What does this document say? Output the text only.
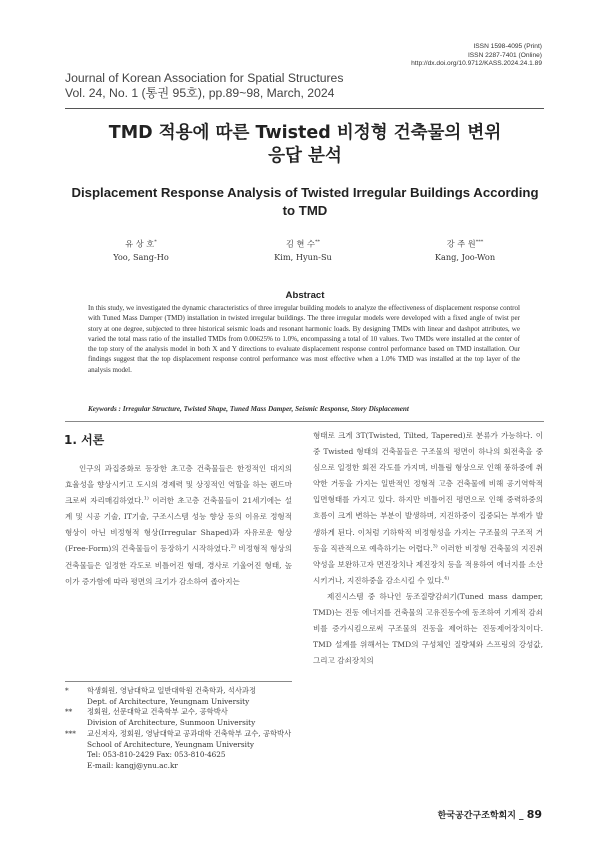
ISSN 1598-4095 (Print)
ISSN 2287-7401 (Online)
http://dx.doi.org/10.9712/KASS.2024.24.1.89
Journal of Korean Association for Spatial Structures
Vol. 24, No. 1 (통권 95호), pp.89~98, March, 2024
TMD 적용에 따른 Twisted 비정형 건축물의 변위
응답 분석
Displacement Response Analysis of Twisted Irregular Buildings According
to TMD
유 상 호*
Yoo, Sang-Ho
김 현 수**
Kim, Hyun-Su
강 주 원***
Kang, Joo-Won
Abstract
In this study, we investigated the dynamic characteristics of three irregular building models to analyze the effectiveness of displacement response control with Tuned Mass Damper (TMD) installation in twisted irregular buildings. The three irregular models were developed with a fixed angle of twist per story at one degree, subjected to three historical seismic loads and resonant harmonic loads. By designing TMDs with linear and dashpot attributes, we varied the total mass ratio of the installed TMDs from 0.00625% to 1.0%, encompassing a total of 10 values. Two TMDs were installed at the center of the top story of the analysis model in both X and Y directions to evaluate displacement response control performance based on TMD installation. Our findings suggest that the top displacement response control performance was most effective when a 1.0% TMD was installed at the top layer of the analysis model.
Keywords : Irregular Structure, Twisted Shape, Tuned Mass Damper, Seismic Response, Story Displacement
1. 서론

인구의 과집중화로 등장한 초고층 건축물들은 한정적인 대지의 효율성을 향상시키고 도시의 경제력 및 상징적인 역할을 하는 랜드마크로써 자리매김하였다.$^{1)}$ 이러한 초고층 건축물들이 21세기에는 설계 및 시공 기술, IT기술, 구조시스템 성능 향상 등의 이유로 정형적 형상이 아닌 비정형적 형상(Irregular Shaped)과 자유로운 형상(Free-Form)의 건축물들이 등장하기 시작하였다.$^{2)}$ 비정형적 형상의 건축물들은 일정한 각도로 비틀어진 형태, 경사로 기울어진 형태, 높이가 증가함에 따라 평면의 크기가 감소하여 좁아지는

형태로 크게 3T(Twisted, Tilted, Tapered)로 분류가 가능하다. 이 중 Twisted 형태의 건축물들은 구조물의 평면이 하나의 회전축을 중심으로 일정한 회전 각도를 가지며, 비틀림 형상으로 인해 풍하중에 취약한 거동을 가지는 일반적인 정형적 고층 건축물에 비해 공기역학적 입면형태를 가지고 있다. 하지만 비틀어진 평면으로 인해 중력하중의 흐름이 크게 변하는 부분이 발생하며, 지진하중이 집중되는 부재가 발생하게 된다. 이처럼 기하학적 비정형성을 가지는 구조물의 구조적 거동을 직관적으로 예측하기는 어렵다.$^{3)}$ 이러한 비정형 건축물의 지진취약성을 보완하고자 면진장치나 제진장치 등을 적용하여 에너지를 소산시키거나, 지진하중을 감소시킬 수 있다.$^{4)}$

제진시스템 중 하나인 동조질량감쇠기(Tuned mass damper, TMD)는 진동 에너지를 건축물의 고유진동수에 동조하여 기계적 감쇠비를 증가시킴으로써 구조물의 진동을 제어하는 진동제어장치이다. TMD 설계를 위해서는 TMD의 구성체인 질량체와 스프링의 강성값, 그리고 감쇠장치의

*	학생회원, 영남대학교 일반대학원 건축학과, 석사과정
Dept. of Architecture, Yeungnam University
**	정회원, 선문대학교 건축학부 교수, 공학박사
Division of Architecture, Sunmoon University
***	교신저자, 정회원, 영남대학교 공과대학 건축학부 교수, 공학박사
School of Architecture, Yeungnam University
Tel: 053-810-2429 Fax: 053-810-4625
E-mail: kangj@ynu.ac.kr
한국공간구조학회지 _ 89
